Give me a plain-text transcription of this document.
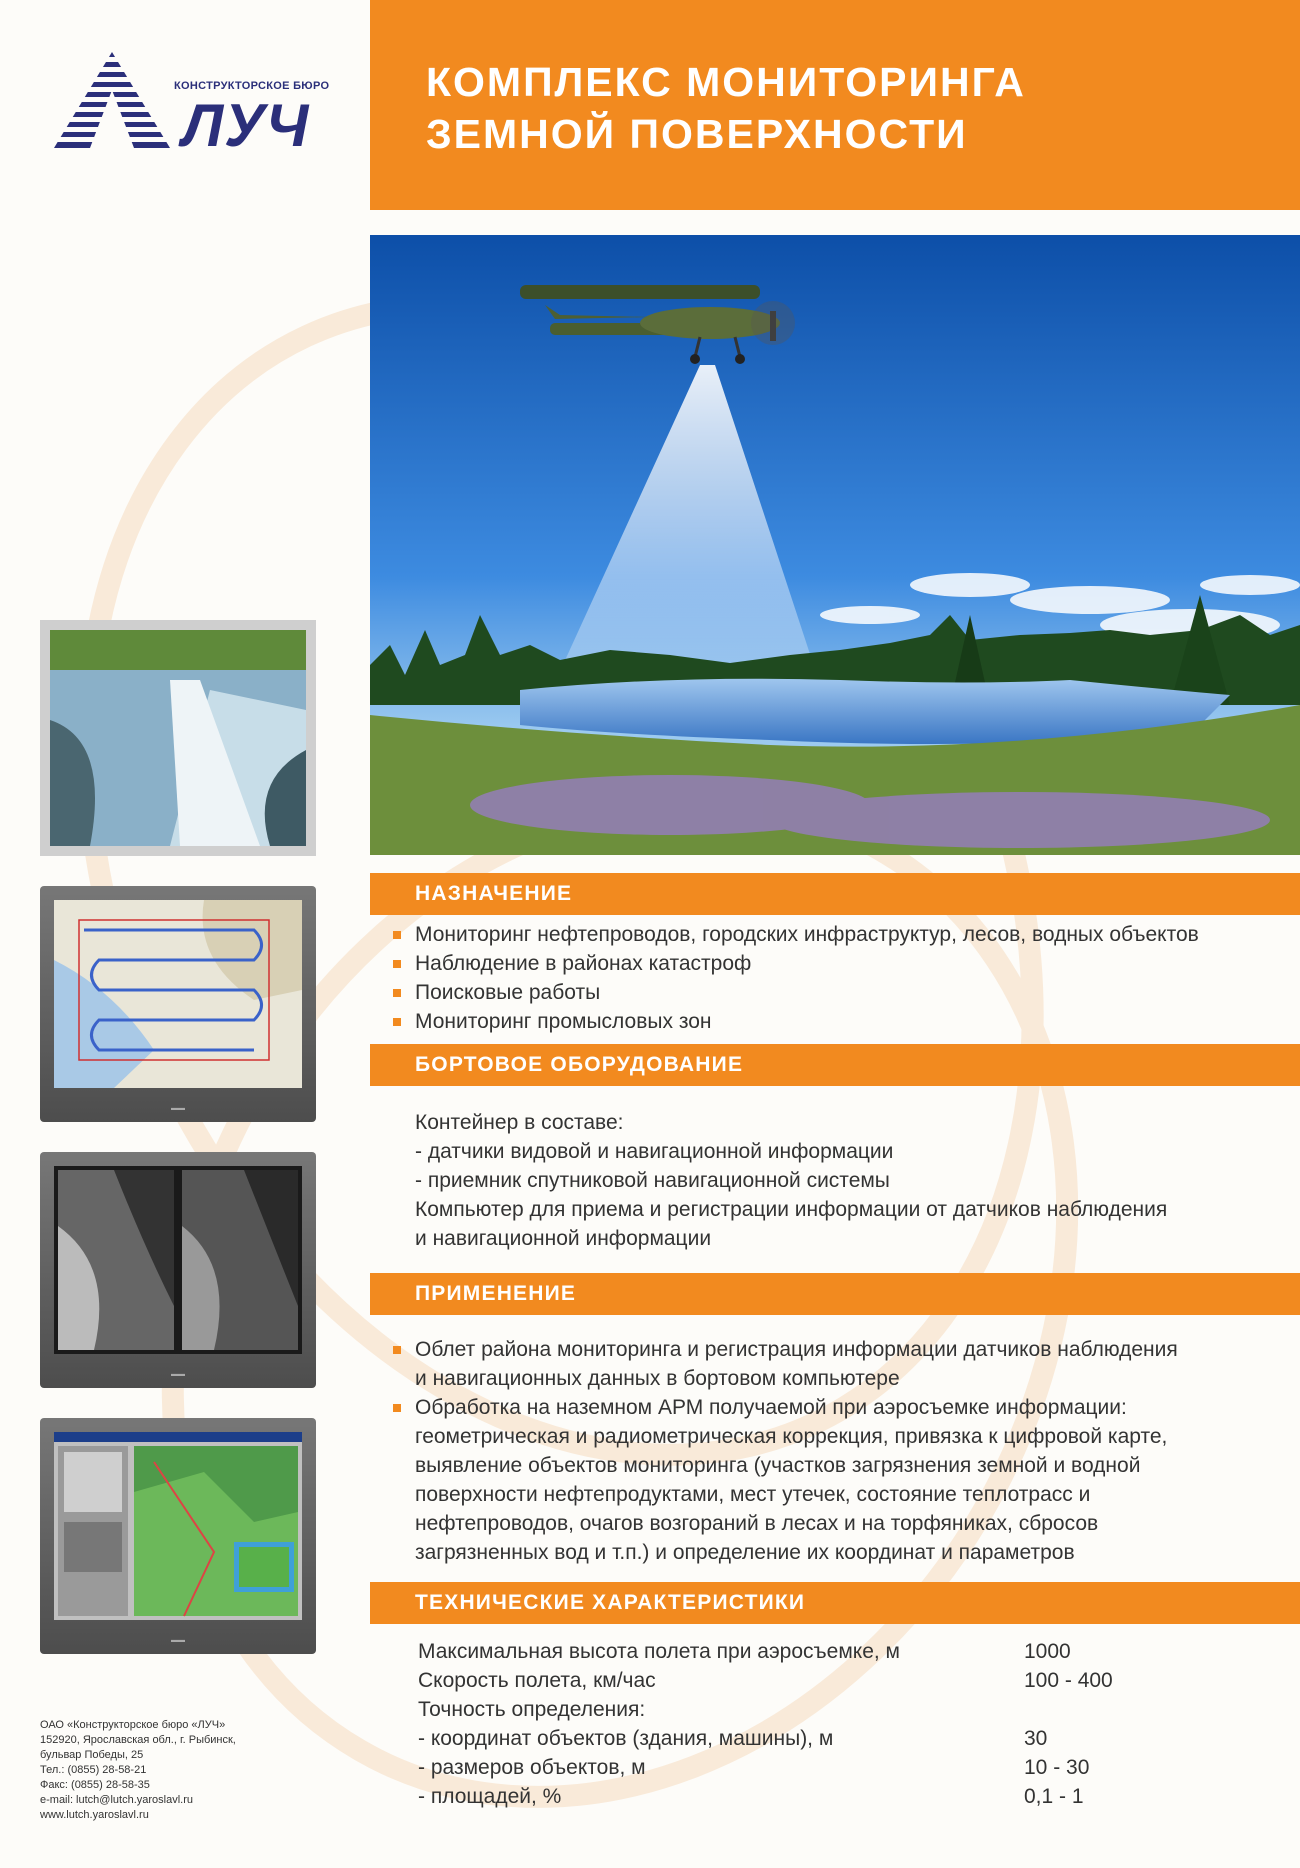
КОНСТРУКТОРСКОЕ БЮРО
ЛУЧ
КОМПЛЕКС МОНИТОРИНГА
ЗЕМНОЙ ПОВЕРХНОСТИ
▬▬
▬▬
▬▬
НАЗНАЧЕНИЕ
Мониторинг нефтепроводов, городских инфраструктур, лесов, водных объектов
Наблюдение в районах катастроф
Поисковые работы
Мониторинг промысловых зон
БОРТОВОЕ ОБОРУДОВАНИЕ
Контейнер в составе:
- датчики видовой и навигационной информации
- приемник спутниковой навигационной системы
Компьютер для приема и регистрации информации от датчиков наблюдения
и навигационной информации
ПРИМЕНЕНИЕ
Облет района мониторинга и регистрация информации датчиков наблюдения
и навигационных данных в бортовом компьютере
Обработка на наземном АРМ получаемой при аэросъемке информации:
геометрическая и радиометрическая коррекция, привязка к цифровой карте,
выявление объектов мониторинга (участков загрязнения земной и водной
поверхности нефтепродуктами, мест утечек, состояние теплотрасс и
нефтепроводов, очагов возгораний в лесах и на торфяниках, сбросов
загрязненных вод и т.п.) и определение их координат и параметров
ТЕХНИЧЕСКИЕ ХАРАКТЕРИСТИКИ
Максимальная высота полета при аэросъемке, м	1000
Скорость полета, км/час	100 - 400
Точность определения:
- координат объектов (здания, машины), м	30
- размеров объектов, м	10 - 30
- площадей, %	0,1 - 1
ОАО «Конструкторское бюро «ЛУЧ»
152920, Ярославская обл., г. Рыбинск,
бульвар Победы, 25
Тел.: (0855) 28-58-21
Факс: (0855) 28-58-35
e-mail: lutch@lutch.yaroslavl.ru
www.lutch.yaroslavl.ru
